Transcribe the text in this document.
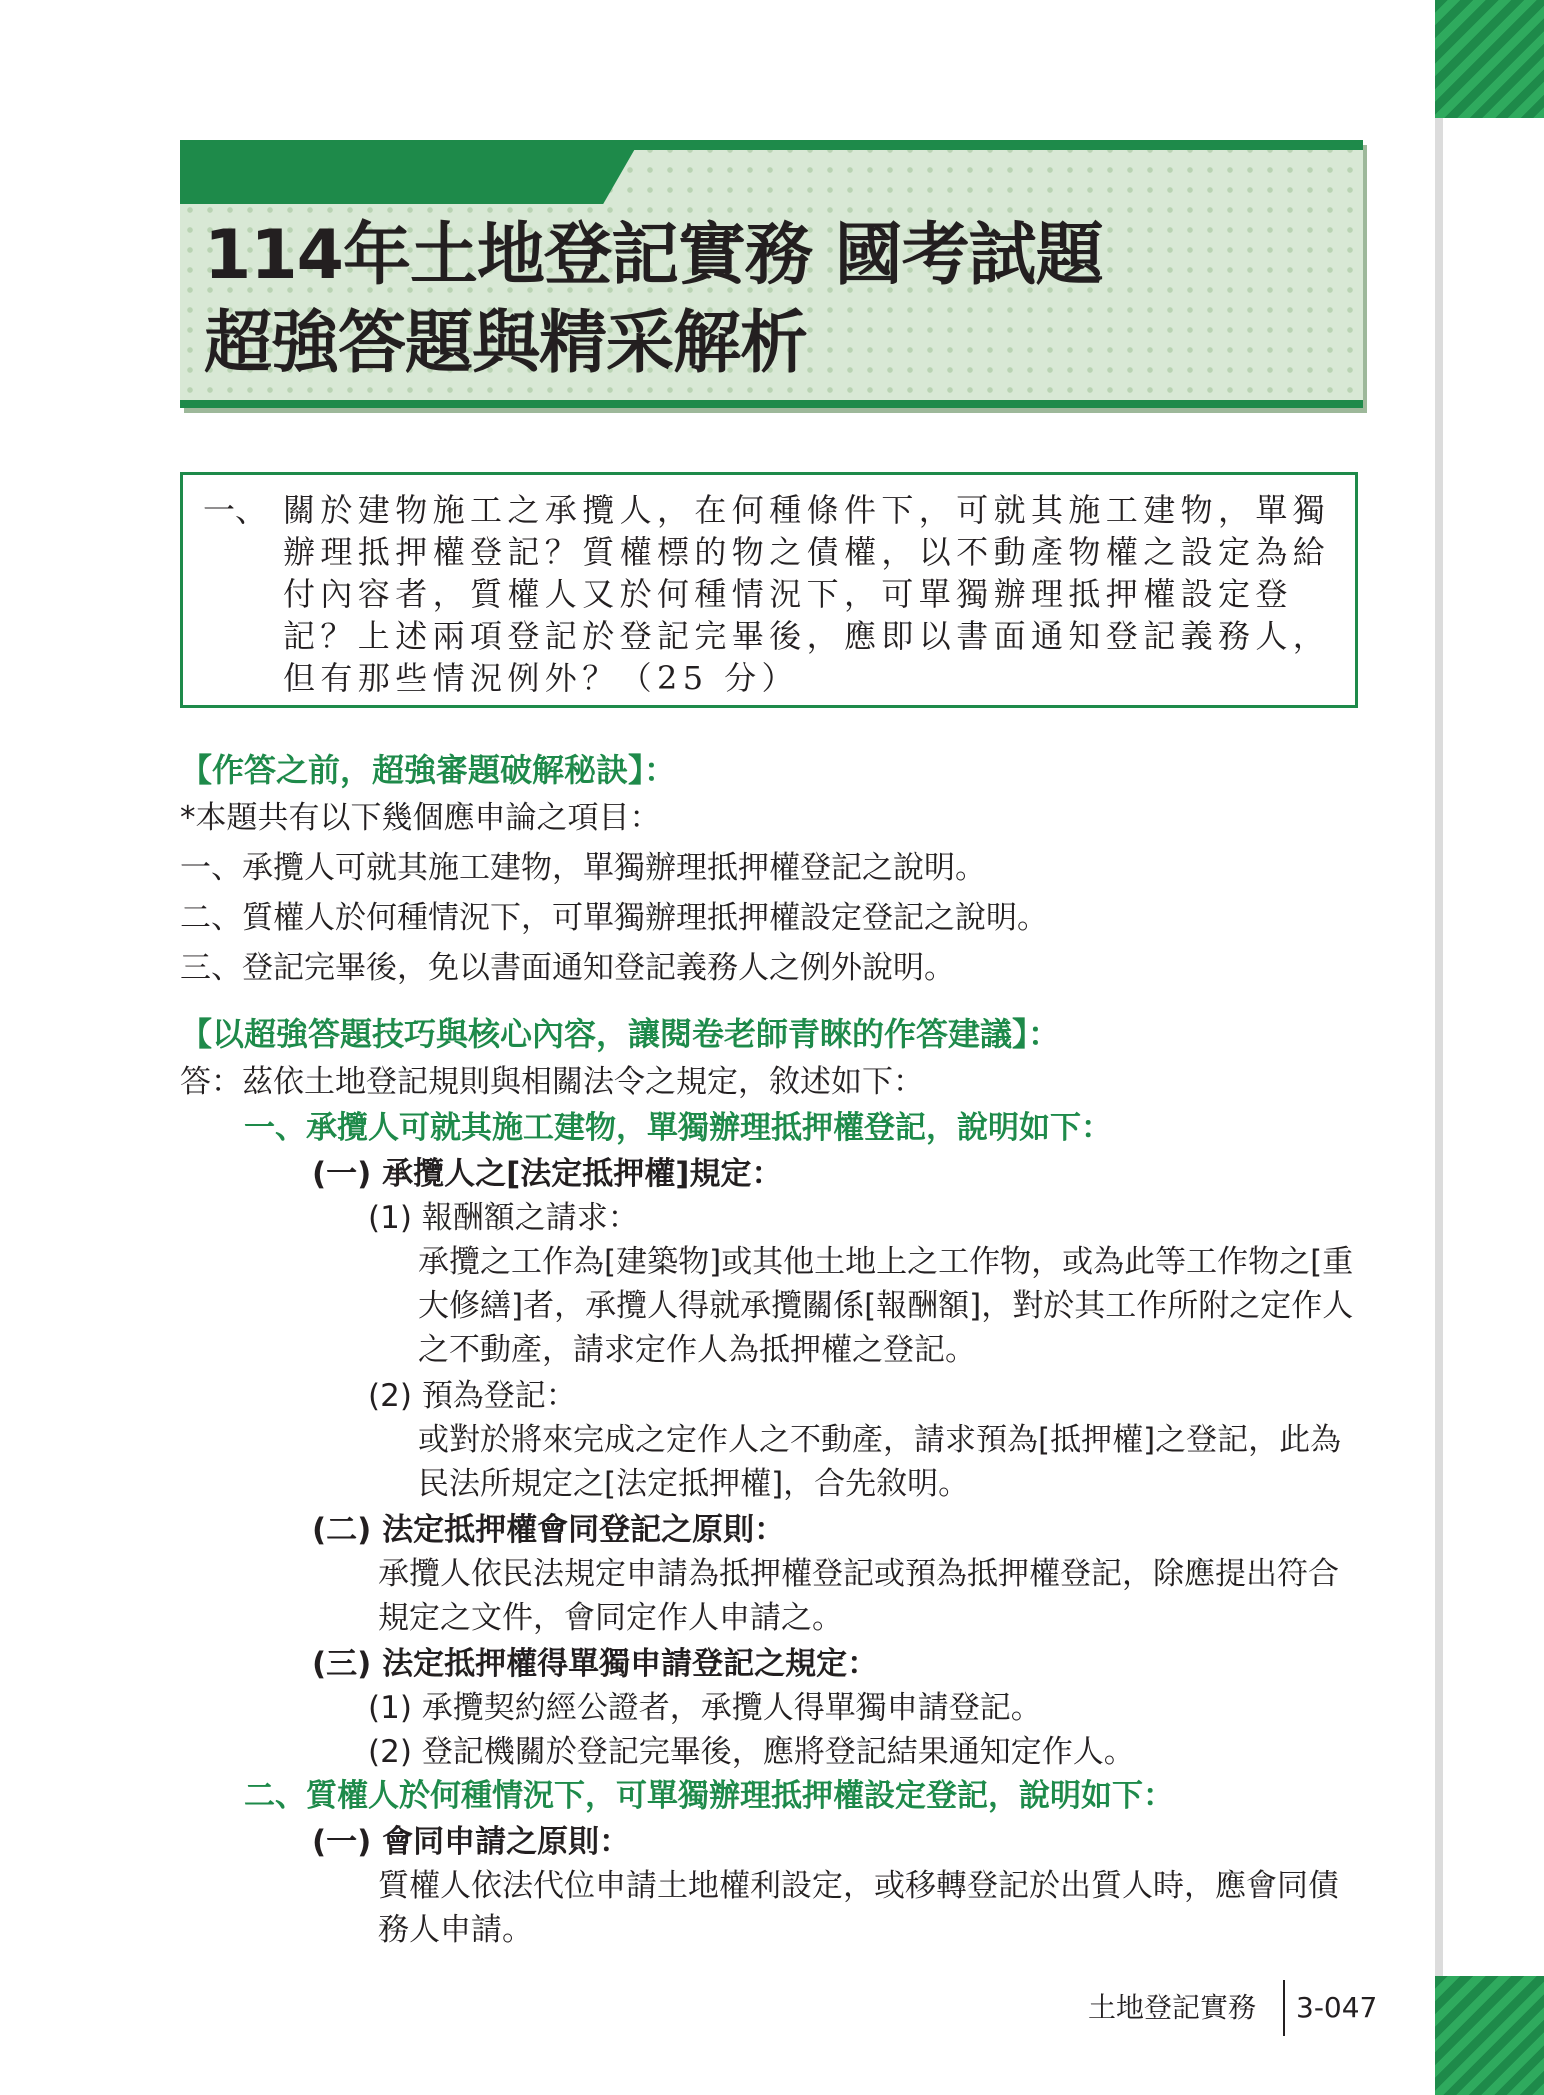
114年土地登記實務 國考試題
超強答題與精采解析
一、 關於建物施工之承攬人，在何種條件下，可就其施工建物，單獨辦理抵押權登記？質權標的物之債權，以不動產物權之設定為給付內容者，質權人又於何種情況下，可單獨辦理抵押權設定登記？上述兩項登記於登記完畢後，應即以書面通知登記義務人，但有那些情況例外？（25 分）
【作答之前，超強審題破解秘訣】：
*本題共有以下幾個應申論之項目：
一、承攬人可就其施工建物，單獨辦理抵押權登記之說明。
二、質權人於何種情況下，可單獨辦理抵押權設定登記之說明。
三、登記完畢後，免以書面通知登記義務人之例外說明。
【以超強答題技巧與核心內容，讓閱卷老師青睞的作答建議】：
答：茲依土地登記規則與相關法令之規定，敘述如下：
一、承攬人可就其施工建物，單獨辦理抵押權登記，說明如下：
(一) 承攬人之[法定抵押權]規定：
(1) 報酬額之請求：
承攬之工作為[建築物]或其他土地上之工作物，或為此等工作物之[重大修繕]者，承攬人得就承攬關係[報酬額]，對於其工作所附之定作人之不動產，請求定作人為抵押權之登記。
(2) 預為登記：
或對於將來完成之定作人之不動產，請求預為[抵押權]之登記，此為民法所規定之[法定抵押權]，合先敘明。
(二) 法定抵押權會同登記之原則：
承攬人依民法規定申請為抵押權登記或預為抵押權登記，除應提出符合規定之文件，會同定作人申請之。
(三) 法定抵押權得單獨申請登記之規定：
(1) 承攬契約經公證者，承攬人得單獨申請登記。
(2) 登記機關於登記完畢後，應將登記結果通知定作人。
二、質權人於何種情況下，可單獨辦理抵押權設定登記，說明如下：
(一) 會同申請之原則：
質權人依法代位申請土地權利設定，或移轉登記於出質人時，應會同債務人申請。
土地登記實務 3-047
